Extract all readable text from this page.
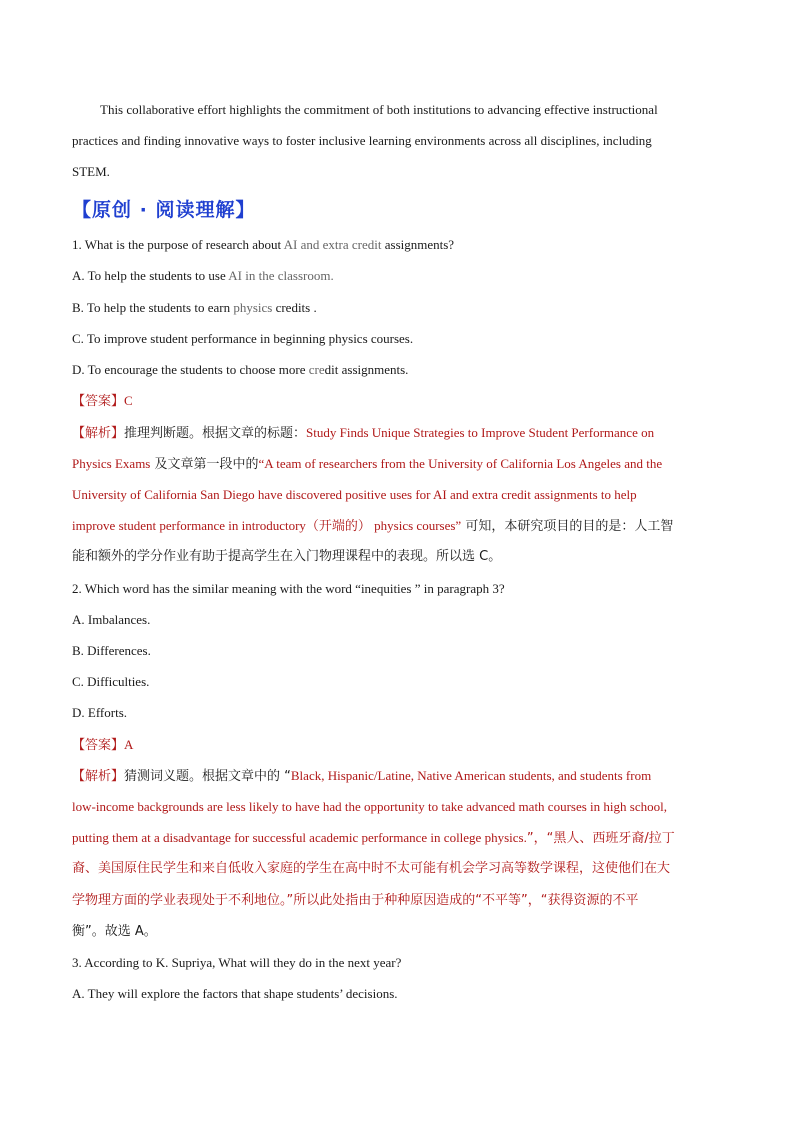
This collaborative effort highlights the commitment of both institutions to advancing effective instructional
practices and finding innovative ways to foster inclusive learning environments across all disciplines, including
STEM.
【原创 · 阅读理解】
1. What is the purpose of research about AI and extra credit assignments?
A. To help the students to use AI in the classroom.
B. To help the students to earn physics credits .
C. To improve student performance in beginning physics courses.
D. To encourage the students to choose more credit assignments.
【答案】C
【解析】推理判断题。根据文章的标题：Study Finds Unique Strategies to Improve Student Performance on
Physics Exams 及文章第一段中的“A team of researchers from the University of California Los Angeles and the
University of California San Diego have discovered positive uses for AI and extra credit assignments to help
improve student performance in introductory（开端的） physics courses” 可知，本研究项目的目的是：人工智
能和额外的学分作业有助于提高学生在入门物理课程中的表现。所以选 C。
2. Which word has the similar meaning with the word “inequities ” in paragraph 3?
A. Imbalances.
B. Differences.
C. Difficulties.
D. Efforts.
【答案】A
【解析】猜测词义题。根据文章中的 “Black, Hispanic/Latine, Native American students, and students from
low-income backgrounds are less likely to have had the opportunity to take advanced math courses in high school,
putting them at a disadvantage for successful academic performance in college physics.”，“黑人、西班牙裔/拉丁
裔、美国原住民学生和来自低收入家庭的学生在高中时不太可能有机会学习高等数学课程，这使他们在大
学物理方面的学业表现处于不利地位。”所以此处指由于种种原因造成的“不平等”，“获得资源的不平
衡”。故选 A。
3. According to K. Supriya, What will they do in the next year?
A. They will explore the factors that shape students’ decisions.
